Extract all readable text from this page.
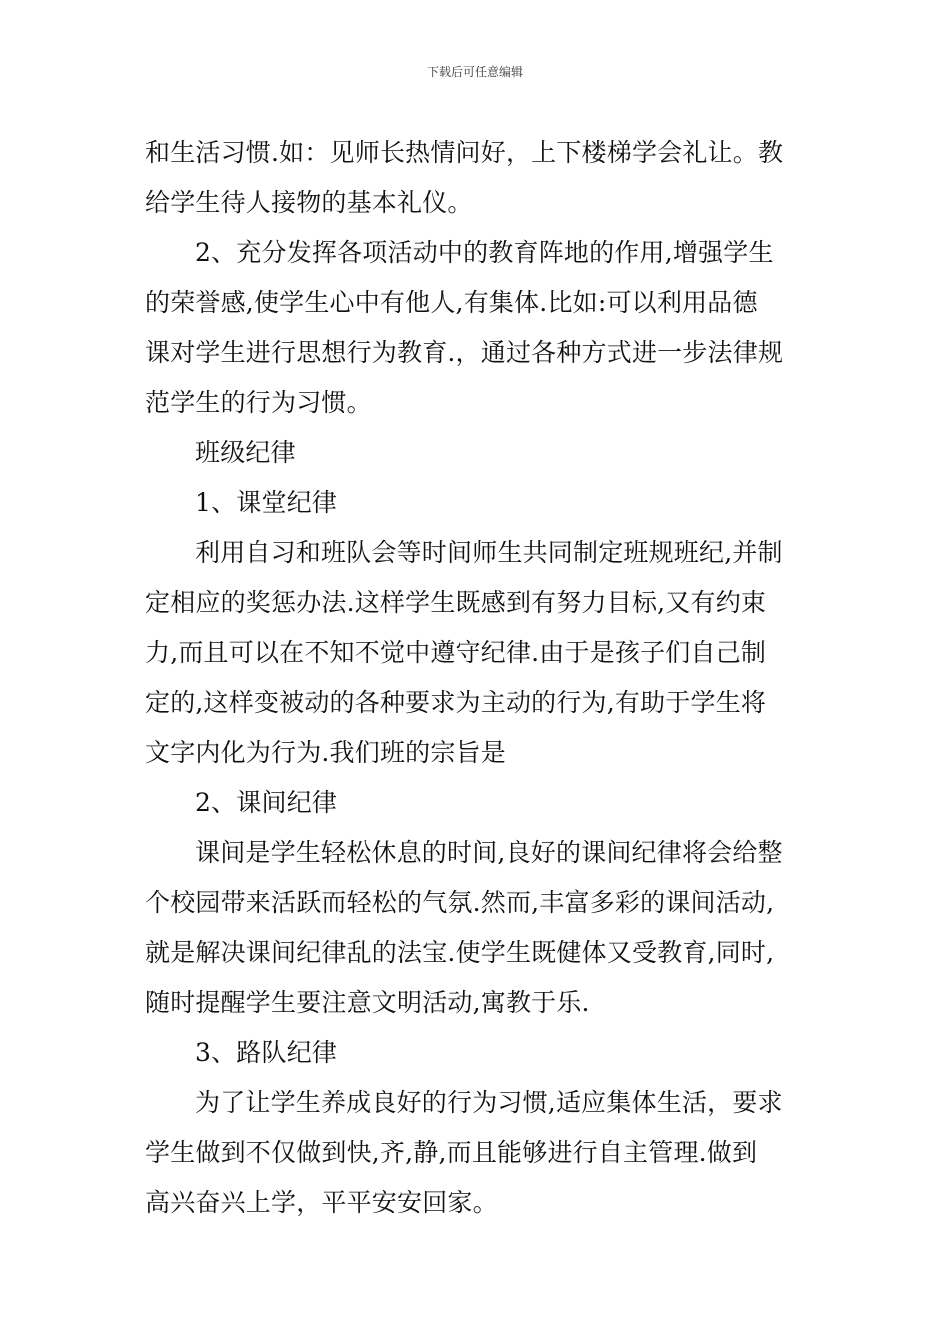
下载后可任意编辑
和生活习惯.如：见师长热情问好，上下楼梯学会礼让。教
给学生待人接物的基本礼仪。
2、充分发挥各项活动中的教育阵地的作用,增强学生
的荣誉感,使学生心中有他人,有集体.比如:可以利用品德
课对学生进行思想行为教育.，通过各种方式进一步法律规
范学生的行为习惯。
班级纪律
1、课堂纪律
利用自习和班队会等时间师生共同制定班规班纪,并制
定相应的奖惩办法.这样学生既感到有努力目标,又有约束
力,而且可以在不知不觉中遵守纪律.由于是孩子们自己制
定的,这样变被动的各种要求为主动的行为,有助于学生将
文字内化为行为.我们班的宗旨是
2、课间纪律
课间是学生轻松休息的时间,良好的课间纪律将会给整
个校园带来活跃而轻松的气氛.然而,丰富多彩的课间活动,
就是解决课间纪律乱的法宝.使学生既健体又受教育,同时,
随时提醒学生要注意文明活动,寓教于乐.
3、路队纪律
为了让学生养成良好的行为习惯,适应集体生活，要求
学生做到不仅做到快,齐,静,而且能够进行自主管理.做到
高兴奋兴上学，平平安安回家。
